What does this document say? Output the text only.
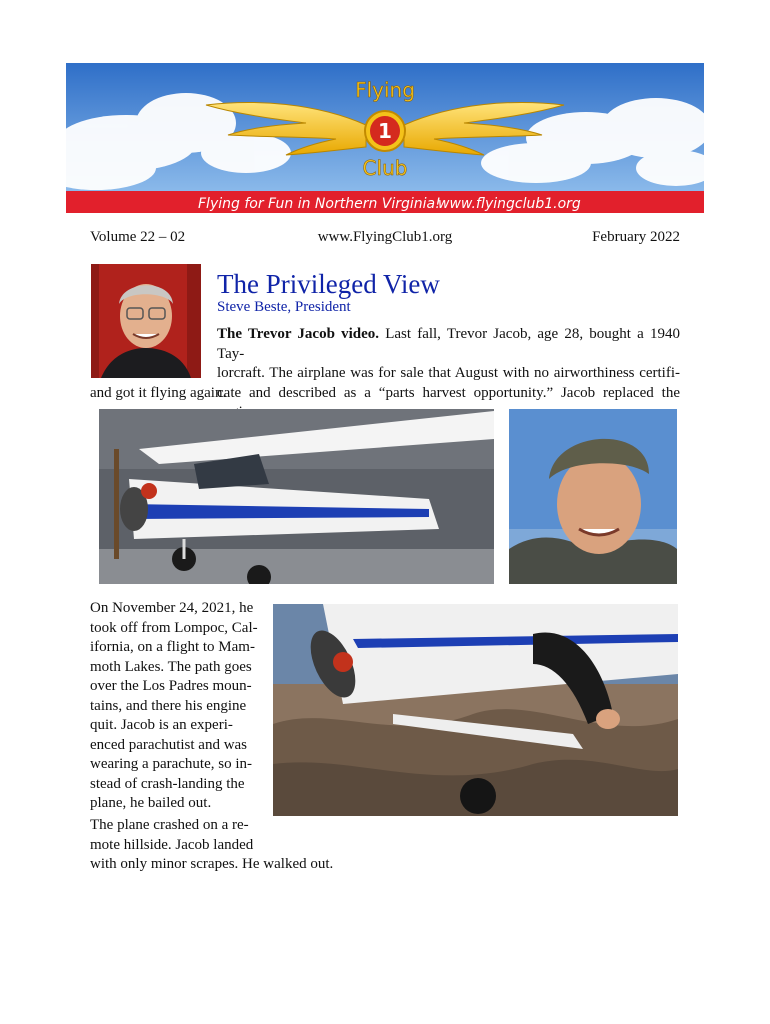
1
Flying
Club
Flying for Fun in Northern Virginia!
www.flyingclub1.org
Volume 22 – 02	www.FlyingClub1.org	February 2022
The Privileged View
Steve Beste, President
The Trevor Jacob video. Last fall, Trevor Jacob, age 28, bought a 1940 Tay-
lorcraft. The airplane was for sale that August with no airworthiness certifi-
cate and described as a “parts harvest opportunity.” Jacob replaced the
and got it flying again.
On November 24, 2021, he
took off from Lompoc, Cal-
ifornia, on a flight to Mam-
moth Lakes. The path goes
over the Los Padres moun-
tains, and there his engine
quit. Jacob is an experi-
enced parachutist and was
wearing a parachute, so in-
stead of crash-landing the
plane, he bailed out.
The plane crashed on a re-
mote hillside. Jacob landed
with only minor scrapes. He walked out.
